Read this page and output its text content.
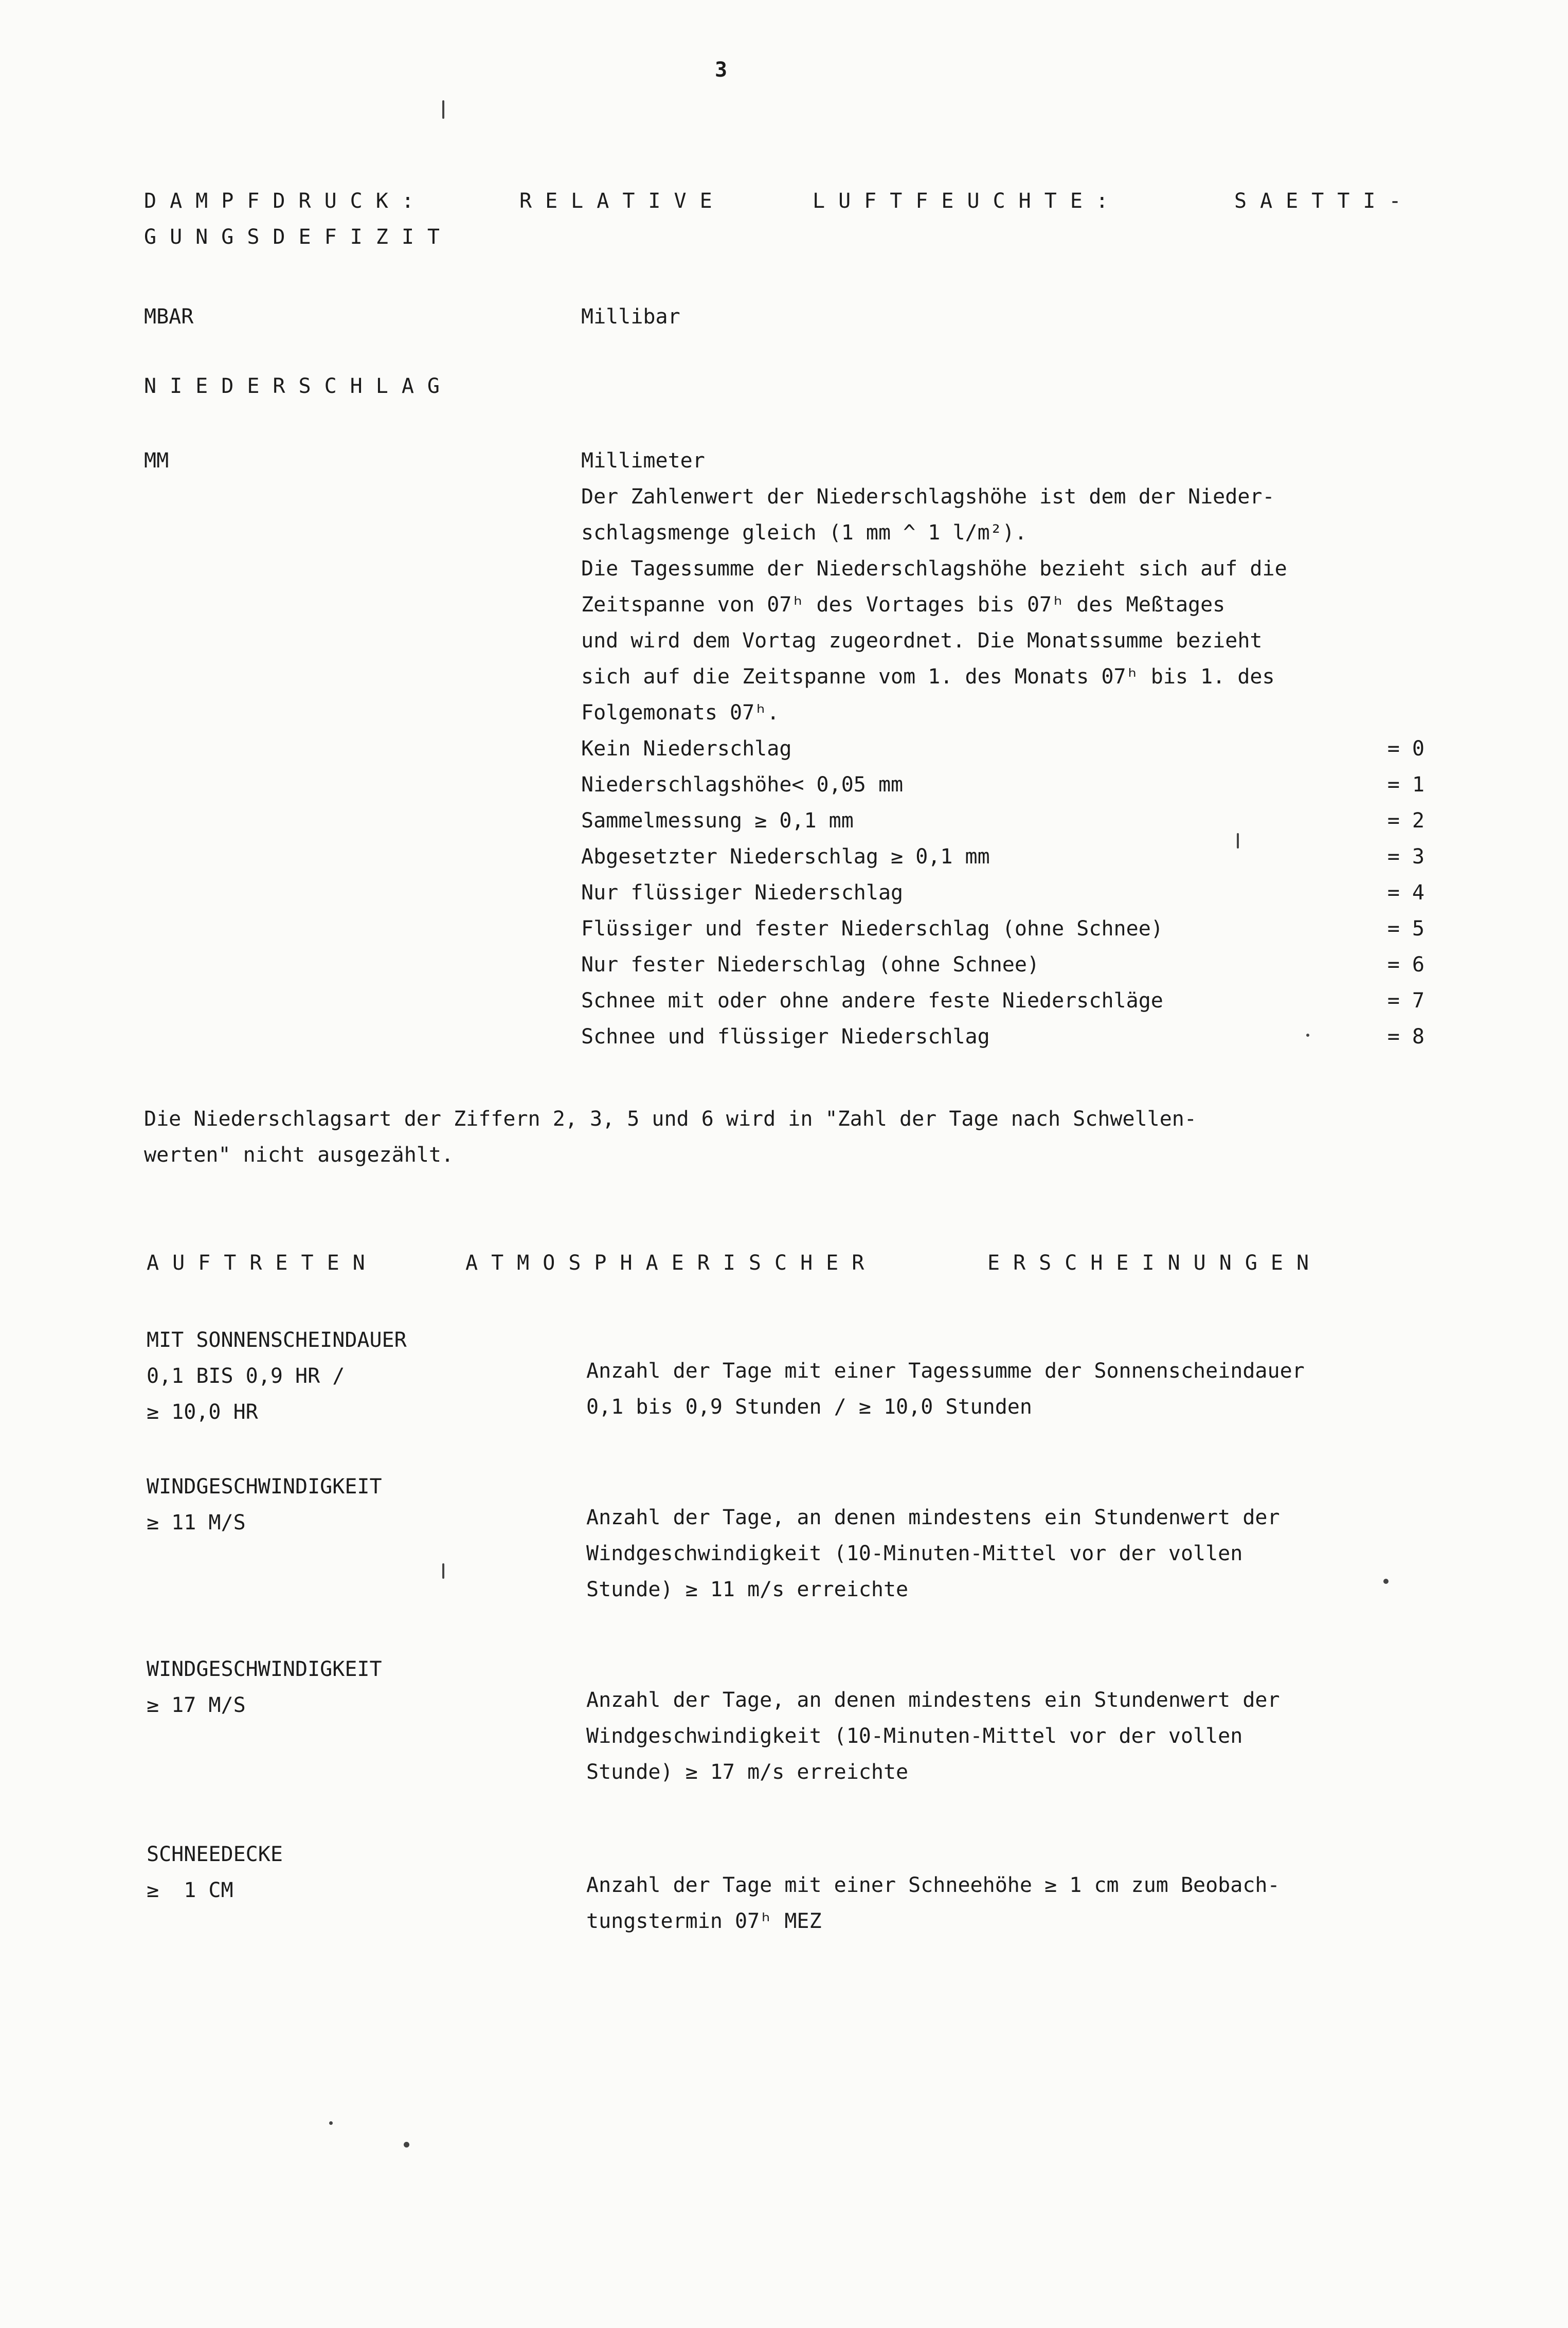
3
DAMPFDRUCK:	RELATIVE	LUFTFEUCHTE:	SAETTI-
GUNGSDEFIZIT
MBAR	Millibar
NIEDERSCHLAG
MM	Millimeter
Der Zahlenwert der Niederschlagshöhe ist dem der Nieder-
schlagsmenge gleich (1 mm ^ 1 l/m²).
Die Tagessumme der Niederschlagshöhe bezieht sich auf die
Zeitspanne von 07ʰ des Vortages bis 07ʰ des Meßtages
und wird dem Vortag zugeordnet. Die Monatssumme bezieht
sich auf die Zeitspanne vom 1. des Monats 07ʰ bis 1. des
Folgemonats 07ʰ.
Kein Niederschlag	= 0
Niederschlagshöhe< 0,05 mm	= 1
Sammelmessung ≥ 0,1 mm	= 2
Abgesetzter Niederschlag ≥ 0,1 mm	= 3
Nur flüssiger Niederschlag	= 4
Flüssiger und fester Niederschlag (ohne Schnee)	= 5
Nur fester Niederschlag (ohne Schnee)	= 6
Schnee mit oder ohne andere feste Niederschläge	= 7
Schnee und flüssiger Niederschlag	= 8
Die Niederschlagsart der Ziffern 2, 3, 5 und 6 wird in "Zahl der Tage nach Schwellen-
werten" nicht ausgezählt.
AUFTRETEN	ATMOSPHAERISCHER	ERSCHEINUNGEN
MIT SONNENSCHEINDAUER
0,1 BIS 0,9 HR /
≥ 10,0 HR
Anzahl der Tage mit einer Tagessumme der Sonnenscheindauer
0,1 bis 0,9 Stunden / ≥ 10,0 Stunden
WINDGESCHWINDIGKEIT
≥ 11 M/S	Anzahl der Tage, an denen mindestens ein Stundenwert der
Windgeschwindigkeit (10-Minuten-Mittel vor der vollen
Stunde) ≥ 11 m/s erreichte
WINDGESCHWINDIGKEIT
≥ 17 M/S	Anzahl der Tage, an denen mindestens ein Stundenwert der
Windgeschwindigkeit (10-Minuten-Mittel vor der vollen
Stunde) ≥ 17 m/s erreichte
SCHNEEDECKE
≥  1 CM	Anzahl der Tage mit einer Schneehöhe ≥ 1 cm zum Beobach-
tungstermin 07ʰ MEZ
